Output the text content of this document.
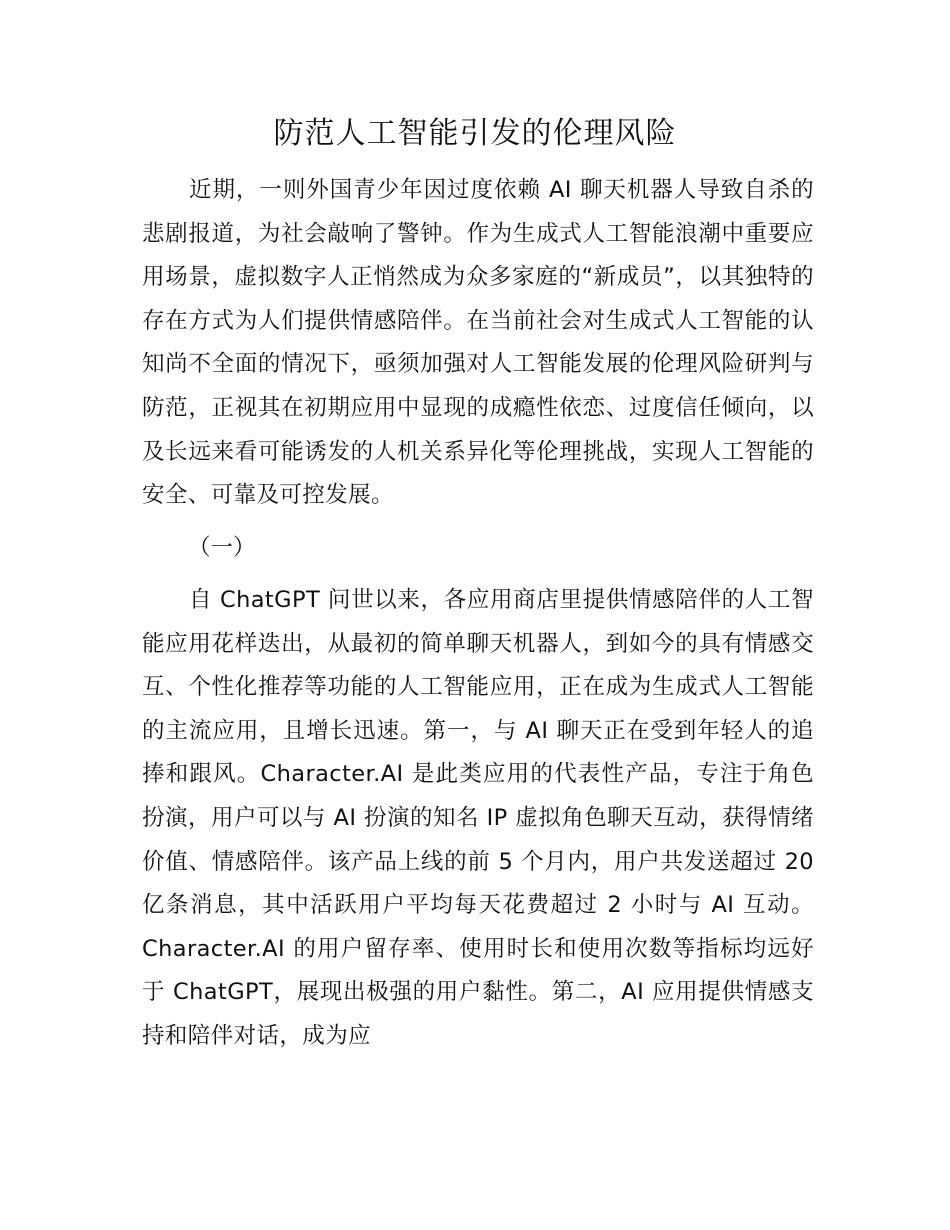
防范人工智能引发的伦理风险

近期，一则外国青少年因过度依赖 AI 聊天机器人导致自杀的悲剧报道，为社会敲响了警钟。作为生成式人工智能浪潮中重要应用场景，虚拟数字人正悄然成为众多家庭的“新成员”，以其独特的存在方式为人们提供情感陪伴。在当前社会对生成式人工智能的认知尚不全面的情况下，亟须加强对人工智能发展的伦理风险研判与防范，正视其在初期应用中显现的成瘾性依恋、过度信任倾向，以及长远来看可能诱发的人机关系异化等伦理挑战，实现人工智能的安全、可靠及可控发展。

（一）

自 ChatGPT 问世以来，各应用商店里提供情感陪伴的人工智能应用花样迭出，从最初的简单聊天机器人，到如今的具有情感交互、个性化推荐等功能的人工智能应用，正在成为生成式人工智能的主流应用，且增长迅速。第一，与 AI 聊天正在受到年轻人的追捧和跟风。Character.AI 是此类应用的代表性产品，专注于角色扮演，用户可以与 AI 扮演的知名 IP 虚拟角色聊天互动，获得情绪价值、情感陪伴。该产品上线的前 5 个月内，用户共发送超过 20 亿条消息，其中活跃用户平均每天花费超过 2 小时与 AI 互动。Character.AI 的用户留存率、使用时长和使用次数等指标均远好于 ChatGPT，展现出极强的用户黏性。第二，AI 应用提供情感支持和陪伴对话，成为应
